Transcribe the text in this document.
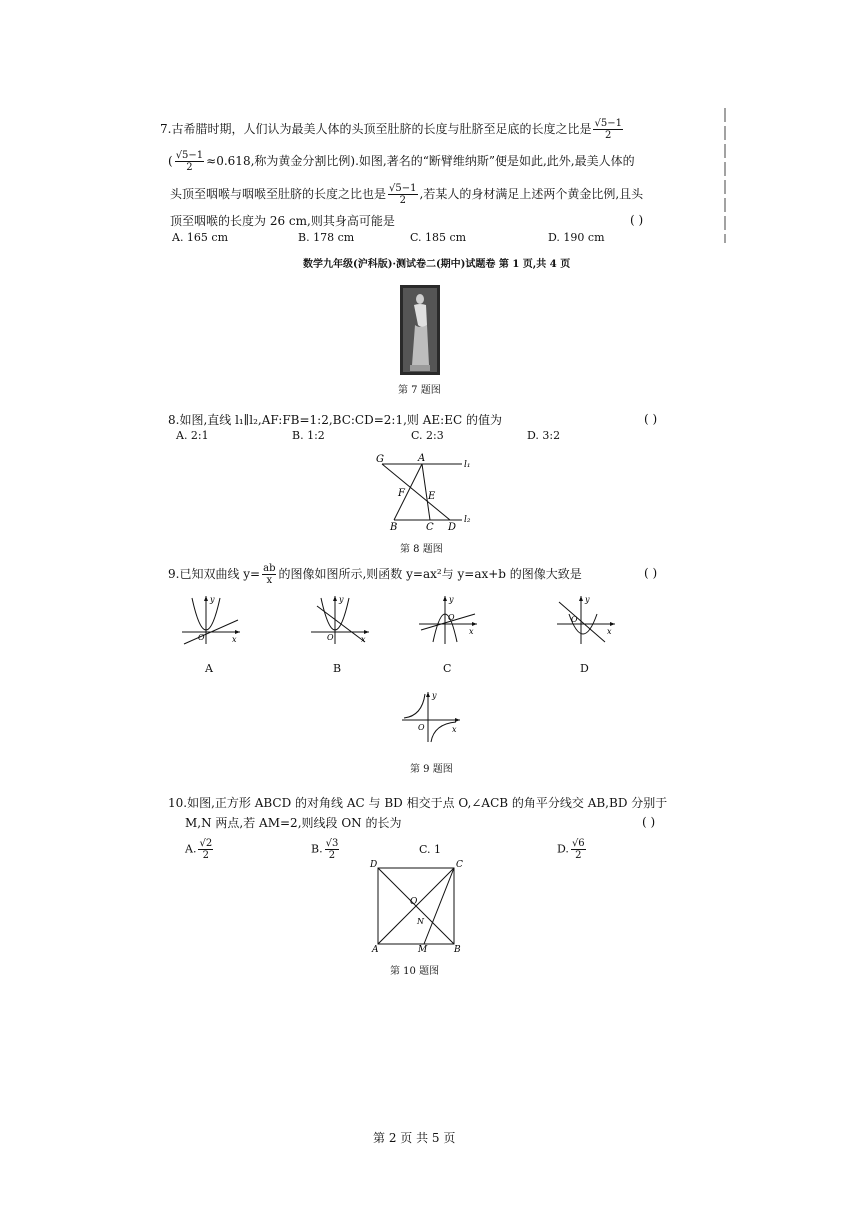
7.古希腊时期，人们认为最美人体的头顶至肚脐的长度与肚脐至足底的长度之比是 $\frac{√5-1}{2}$
( $\frac{√5-1}{2} \approx 0.618$,称为黄金分割比例).如图,著名的“断臂维纳斯”便是如此,此外,最美人体的
头顶至咽喉与咽喉至肚脐的长度之比也是 $\frac{√5-1}{2}$ ,若某人的身材满足上述两个黄金比例,且头
顶至咽喉的长度为 26 cm,则其身高可能是	( )
A. 165 cm	B. 178 cm	C. 185 cm	D. 190 cm
数学九年级(沪科版)·测试卷二(期中)试题卷 第 1 页,共 4 页
第 7 题图
8.如图,直线 l₁∥l₂,AF:FB=1:2,BC:CD=2:1,则 AE:EC 的值为	( )
A. 2:1	B. 1:2	C. 2:3	D. 3:2
G	A
l₁
F E
B	C D
l₂
第 8 题图
9.已知双曲线 $y= \frac{ab}{x}$ 的图像如图所示,则函数 y=ax²与 y=ax+b 的图像大致是	( )
y
x
O
A
y
x
O
B
y
x
O
C
y
x
O
D
y
x
O
第 9 题图
10.如图,正方形 ABCD 的对角线 AC 与 BD 相交于点 O,∠ACB 的角平分线交 AB,BD 分别于
M,N 两点,若 AM=2,则线段 ON 的长为	( )
A. $\frac{√2}{2}$	B. $\frac{√3}{2}$	C. 1	D. $\frac{√6}{2}$
D	C
O
N
A	M	B
第 10 题图
第 2 页 共 5 页
